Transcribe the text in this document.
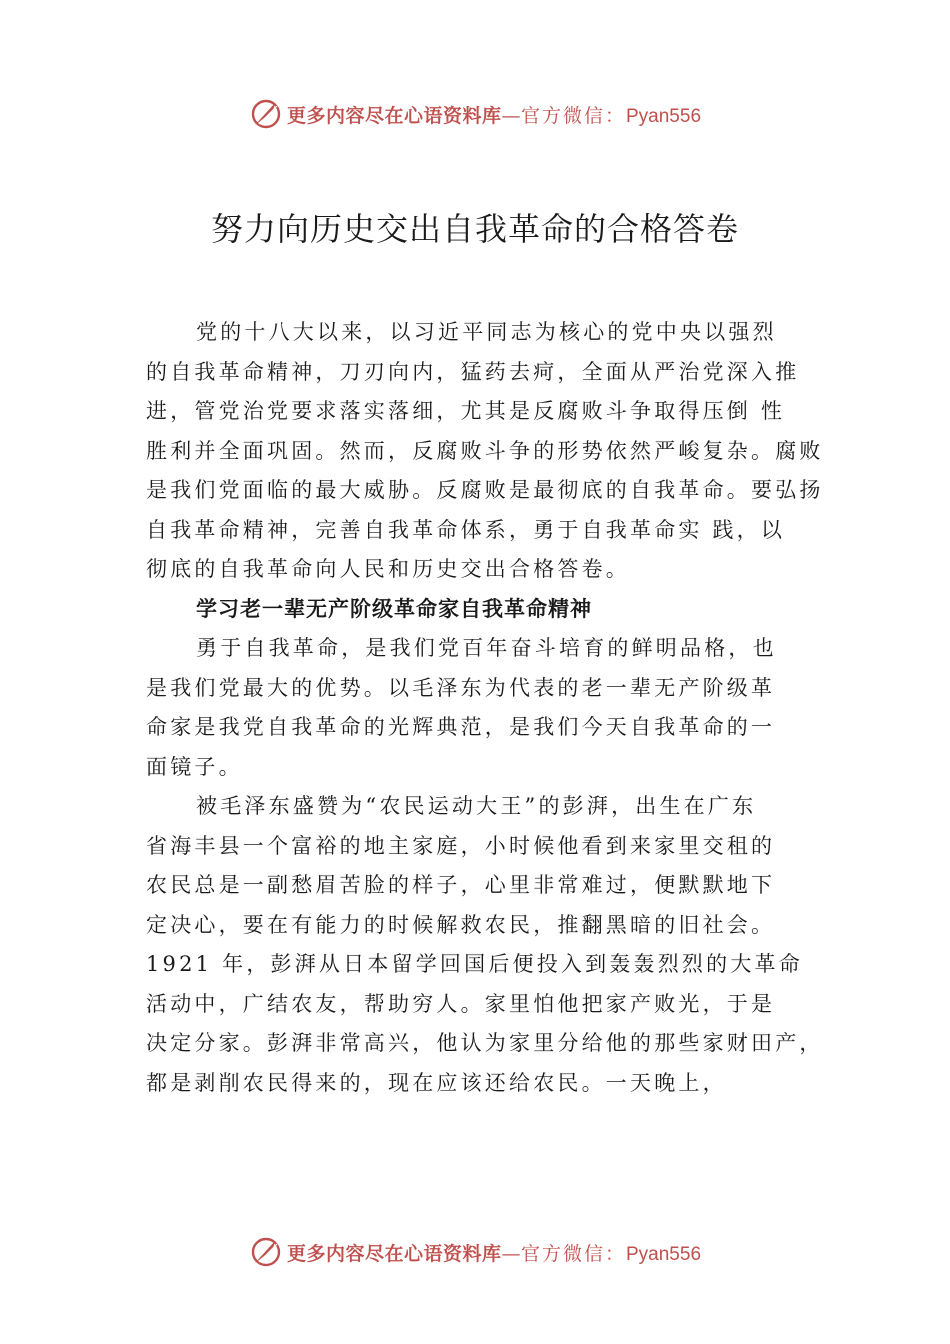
更多内容尽在心语资料库—官方微信：Pyan556
努力向历史交出自我革命的合格答卷
党的十八大以来，以习近平同志为核心的党中央以强烈
的自我革命精神，刀刃向内，猛药去疴，全面从严治党深入推
进，管党治党要求落实落细，尤其是反腐败斗争取得压倒 性
胜利并全面巩固。然而，反腐败斗争的形势依然严峻复杂。腐败
是我们党面临的最大威胁。反腐败是最彻底的自我革命。要弘扬
自我革命精神，完善自我革命体系，勇于自我革命实 践，以
彻底的自我革命向人民和历史交出合格答卷。
学习老一辈无产阶级革命家自我革命精神
勇于自我革命，是我们党百年奋斗培育的鲜明品格，也
是我们党最大的优势。以毛泽东为代表的老一辈无产阶级革
命家是我党自我革命的光辉典范，是我们今天自我革命的一
面镜子。
被毛泽东盛赞为“农民运动大王”的彭湃，出生在广东
省海丰县一个富裕的地主家庭，小时候他看到来家里交租的
农民总是一副愁眉苦脸的样子，心里非常难过，便默默地下
定决心，要在有能力的时候解救农民，推翻黑暗的旧社会。
1921 年，彭湃从日本留学回国后便投入到轰轰烈烈的大革命
活动中，广结农友，帮助穷人。家里怕他把家产败光，于是
决定分家。彭湃非常高兴，他认为家里分给他的那些家财田产，
都是剥削农民得来的，现在应该还给农民。一天晚上，
更多内容尽在心语资料库—官方微信：Pyan556
